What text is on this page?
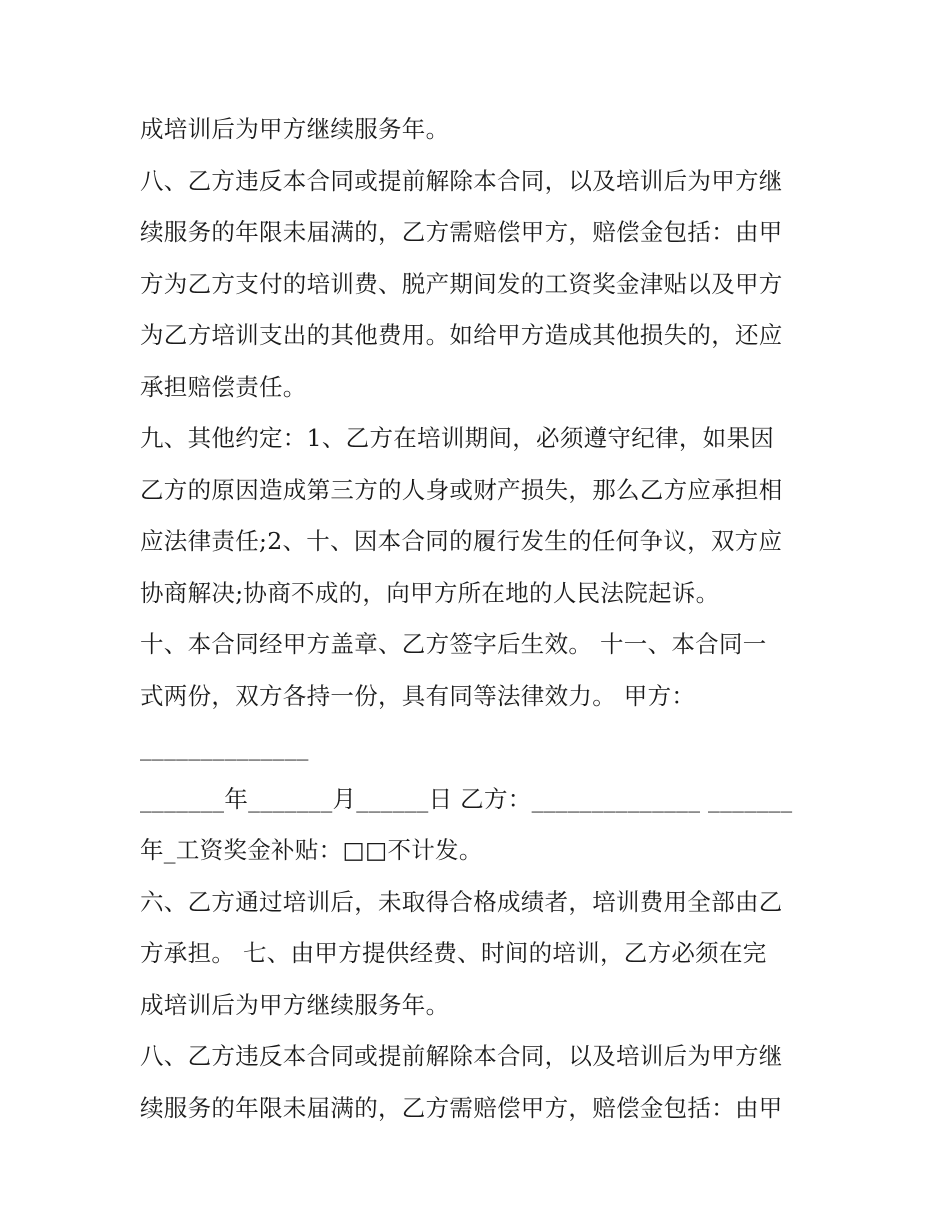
成培训后为甲方继续服务年。
八、乙方违反本合同或提前解除本合同，以及培训后为甲方继
续服务的年限未届满的，乙方需赔偿甲方，赔偿金包括：由甲
方为乙方支付的培训费、脱产期间发的工资奖金津贴以及甲方
为乙方培训支出的其他费用。如给甲方造成其他损失的，还应
承担赔偿责任。
九、其他约定：1、乙方在培训期间，必须遵守纪律，如果因
乙方的原因造成第三方的人身或财产损失，那么乙方应承担相
应法律责任;2、十、因本合同的履行发生的任何争议，双方应
协商解决;协商不成的，向甲方所在地的人民法院起诉。
十、本合同经甲方盖章、乙方签字后生效。 十一、本合同一
式两份，双方各持一份，具有同等法律效力。 甲方：
______________
_______年_______月______日 乙方：______________ _______
年_工资奖金补贴：□□不计发。
六、乙方通过培训后，未取得合格成绩者，培训费用全部由乙
方承担。 七、由甲方提供经费、时间的培训，乙方必须在完
成培训后为甲方继续服务年。
八、乙方违反本合同或提前解除本合同，以及培训后为甲方继
续服务的年限未届满的，乙方需赔偿甲方，赔偿金包括：由甲
